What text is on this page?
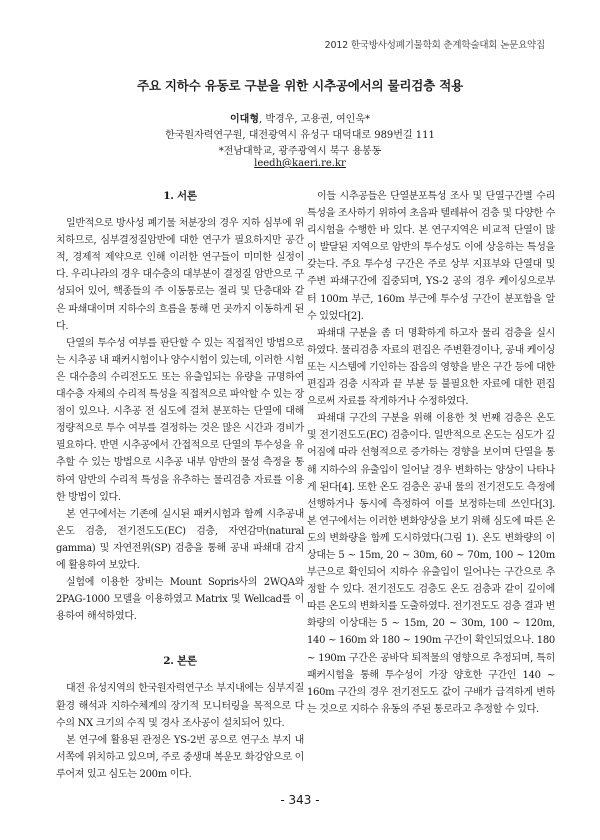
2012 한국방사성폐기물학회 춘계학술대회 논문요약집
주요 지하수 유동로 구분을 위한 시추공에서의 물리검층 적용
이대형, 박경우, 고용권, 여인욱*
한국원자력연구원, 대전광역시 유성구 대덕대로 989번길 111
*전남대학교, 광주광역시 북구 용봉동
leedh@kaeri.re.kr

1. 서론

일반적으로 방사성 폐기물 처분장의 경우 지하 심부에 위치하므로, 심부결정질암반에 대한 연구가 필요하지만 공간적, 경제적 제약으로 인해 이러한 연구들이 미미한 실정이다. 우리나라의 경우 대수층의 대부분이 결정질 암반으로 구성되어 있어, 핵종들의 주 이동통로는 절리 및 단층대와 같은 파쇄대이며 지하수의 흐름을 통해 먼 곳까지 이동하게 된다.

단열의 투수성 여부를 판단할 수 있는 직접적인 방법으로는 시추공 내 패커시험이나 양수시험이 있는데, 이러한 시험은 대수층의 수리전도도 또는 유출입되는 유량을 규명하여 대수층 자체의 수리적 특성을 직접적으로 파악할 수 있는 장점이 있으나. 시추공 전 심도에 걸쳐 분포하는 단열에 대해 정량적으로 투수 여부를 결정하는 것은 많은 시간과 경비가 필요하다. 반면 시추공에서 간접적으로 단열의 투수성을 유추할 수 있는 방법으로 시추공 내부 암반의 물성 측정을 통하여 암반의 수리적 특성을 유추하는 물리검층 자료를 이용한 방법이 있다.

본 연구에서는 기존에 실시된 패커시험과 함께 시추공내 온도 검층, 전기전도도(EC) 검층, 자연감마(natural gamma) 및 자연전위(SP) 검층을 통해 공내 파쇄대 감지에 활용하여 보았다.

실험에 이용한 장비는 Mount Sopris사의 2WQA와 2PAG-1000 모델을 이용하였고 Matrix 및 Wellcad를 이용하여 해석하였다.

2. 본론

대전 유성지역의 한국원자력연구소 부지내에는 심부지질환경 해석과 지하수체계의 장기적 모니터링을 목적으로 다수의 NX 크기의 수직 및 경사 조사공이 설치되어 있다.

본 연구에 활용된 관정은 YS-2번 공으로 연구소 부지 내 서쪽에 위치하고 있으며, 주로 중생대 복운모 화강암으로 이루어져 있고 심도는 200m 이다.

이들 시추공들은 단열분포특성 조사 및 단열구간별 수리특성을 조사하기 위하여 초음파 텔레뷰어 검층 및 다양한 수리시험을 수행한 바 있다. 본 연구지역은 비교적 단열이 많이 발달된 지역으로 암반의 투수성도 이에 상응하는 특성을 갖는다. 주요 투수성 구간은 주로 상부 지표부와 단열대 및 주변 파쇄구간에 집중되며, YS-2 공의 경우 케이싱으로부터 100m 부근, 160m 부근에 투수성 구간이 분포함을 알 수 있었다[2].

파쇄대 구분을 좀 더 명확하게 하고자 물리 검층을 실시하였다. 물리검층 자료의 편집은 주변환경이나, 공내 케이싱 또는 시스템에 기인하는 잡음의 영향을 받은 구간 등에 대한 편집과 검층 시작과 끝 부분 등 불필요한 자료에 대한 편집으로써 자료를 작게하거나 수정하였다.

파쇄대 구간의 구분을 위해 이용한 첫 번째 검층은 온도 및 전기전도도(EC) 검층이다. 일반적으로 온도는 심도가 깊어짐에 따라 선형적으로 증가하는 경향을 보이며 단열을 통해 지하수의 유출입이 일어날 경우 변화하는 양상이 나타나게 된다[4]. 또한 온도 검층은 공내 물의 전기전도도 측정에 선행하거나 동시에 측정하여 이를 보정하는데 쓰인다[3]. 본 연구에서는 이러한 변화양상을 보기 위해 심도에 따른 온도의 변화량을 함께 도시하였다(그림 1). 온도 변화량의 이상대는 5 ~ 15m, 20 ~ 30m, 60 ~ 70m, 100 ~ 120m 부근으로 확인되어 지하수 유출입이 일어나는 구간으로 추정할 수 있다. 전기전도도 검층도 온도 검층과 같이 깊이에 따른 온도의 변화치를 도출하였다. 전기전도도 검층 결과 변화량의 이상대는 5 ~ 15m, 20 ~ 30m, 100 ~ 120m, 140 ~ 160m 와 180 ~ 190m 구간이 확인되었으나. 180 ~ 190m 구간은 공바닥 퇴적물의 영향으로 추정되며, 특히 패커시험을 통해 투수성이 가장 양호한 구간인 140 ~ 160m 구간의 경우 전기전도도 값이 구배가 급격하게 변하는 것으로 지하수 유동의 주된 통로라고 추정할 수 있다.

- 343 -
